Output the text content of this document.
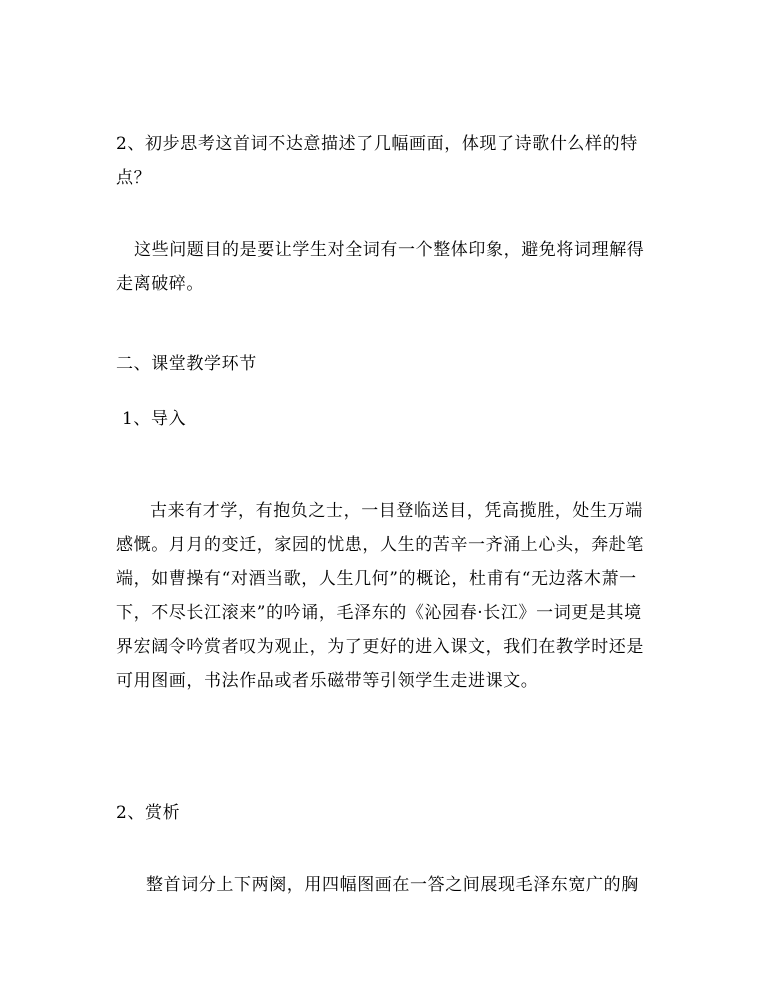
2、初步思考这首词不达意描述了几幅画面，体现了诗歌什么样的特点？

这些问题目的是要让学生对全词有一个整体印象，避免将词理解得走离破碎。

二、课堂教学环节

1、导入

古来有才学，有抱负之士，一目登临送目，凭高揽胜，处生万端感慨。月月的变迁，家园的忧患，人生的苦辛一齐涌上心头，奔赴笔端，如曹操有“对酒当歌，人生几何”的概论，杜甫有“无边落木萧一下，不尽长江滚来”的吟诵，毛泽东的《沁园春·长江》一词更是其境界宏阔令吟赏者叹为观止，为了更好的进入课文，我们在教学时还是可用图画，书法作品或者乐磁带等引领学生走进课文。

2、赏析

整首词分上下两阕，用四幅图画在一答之间展现毛泽东宽广的胸
